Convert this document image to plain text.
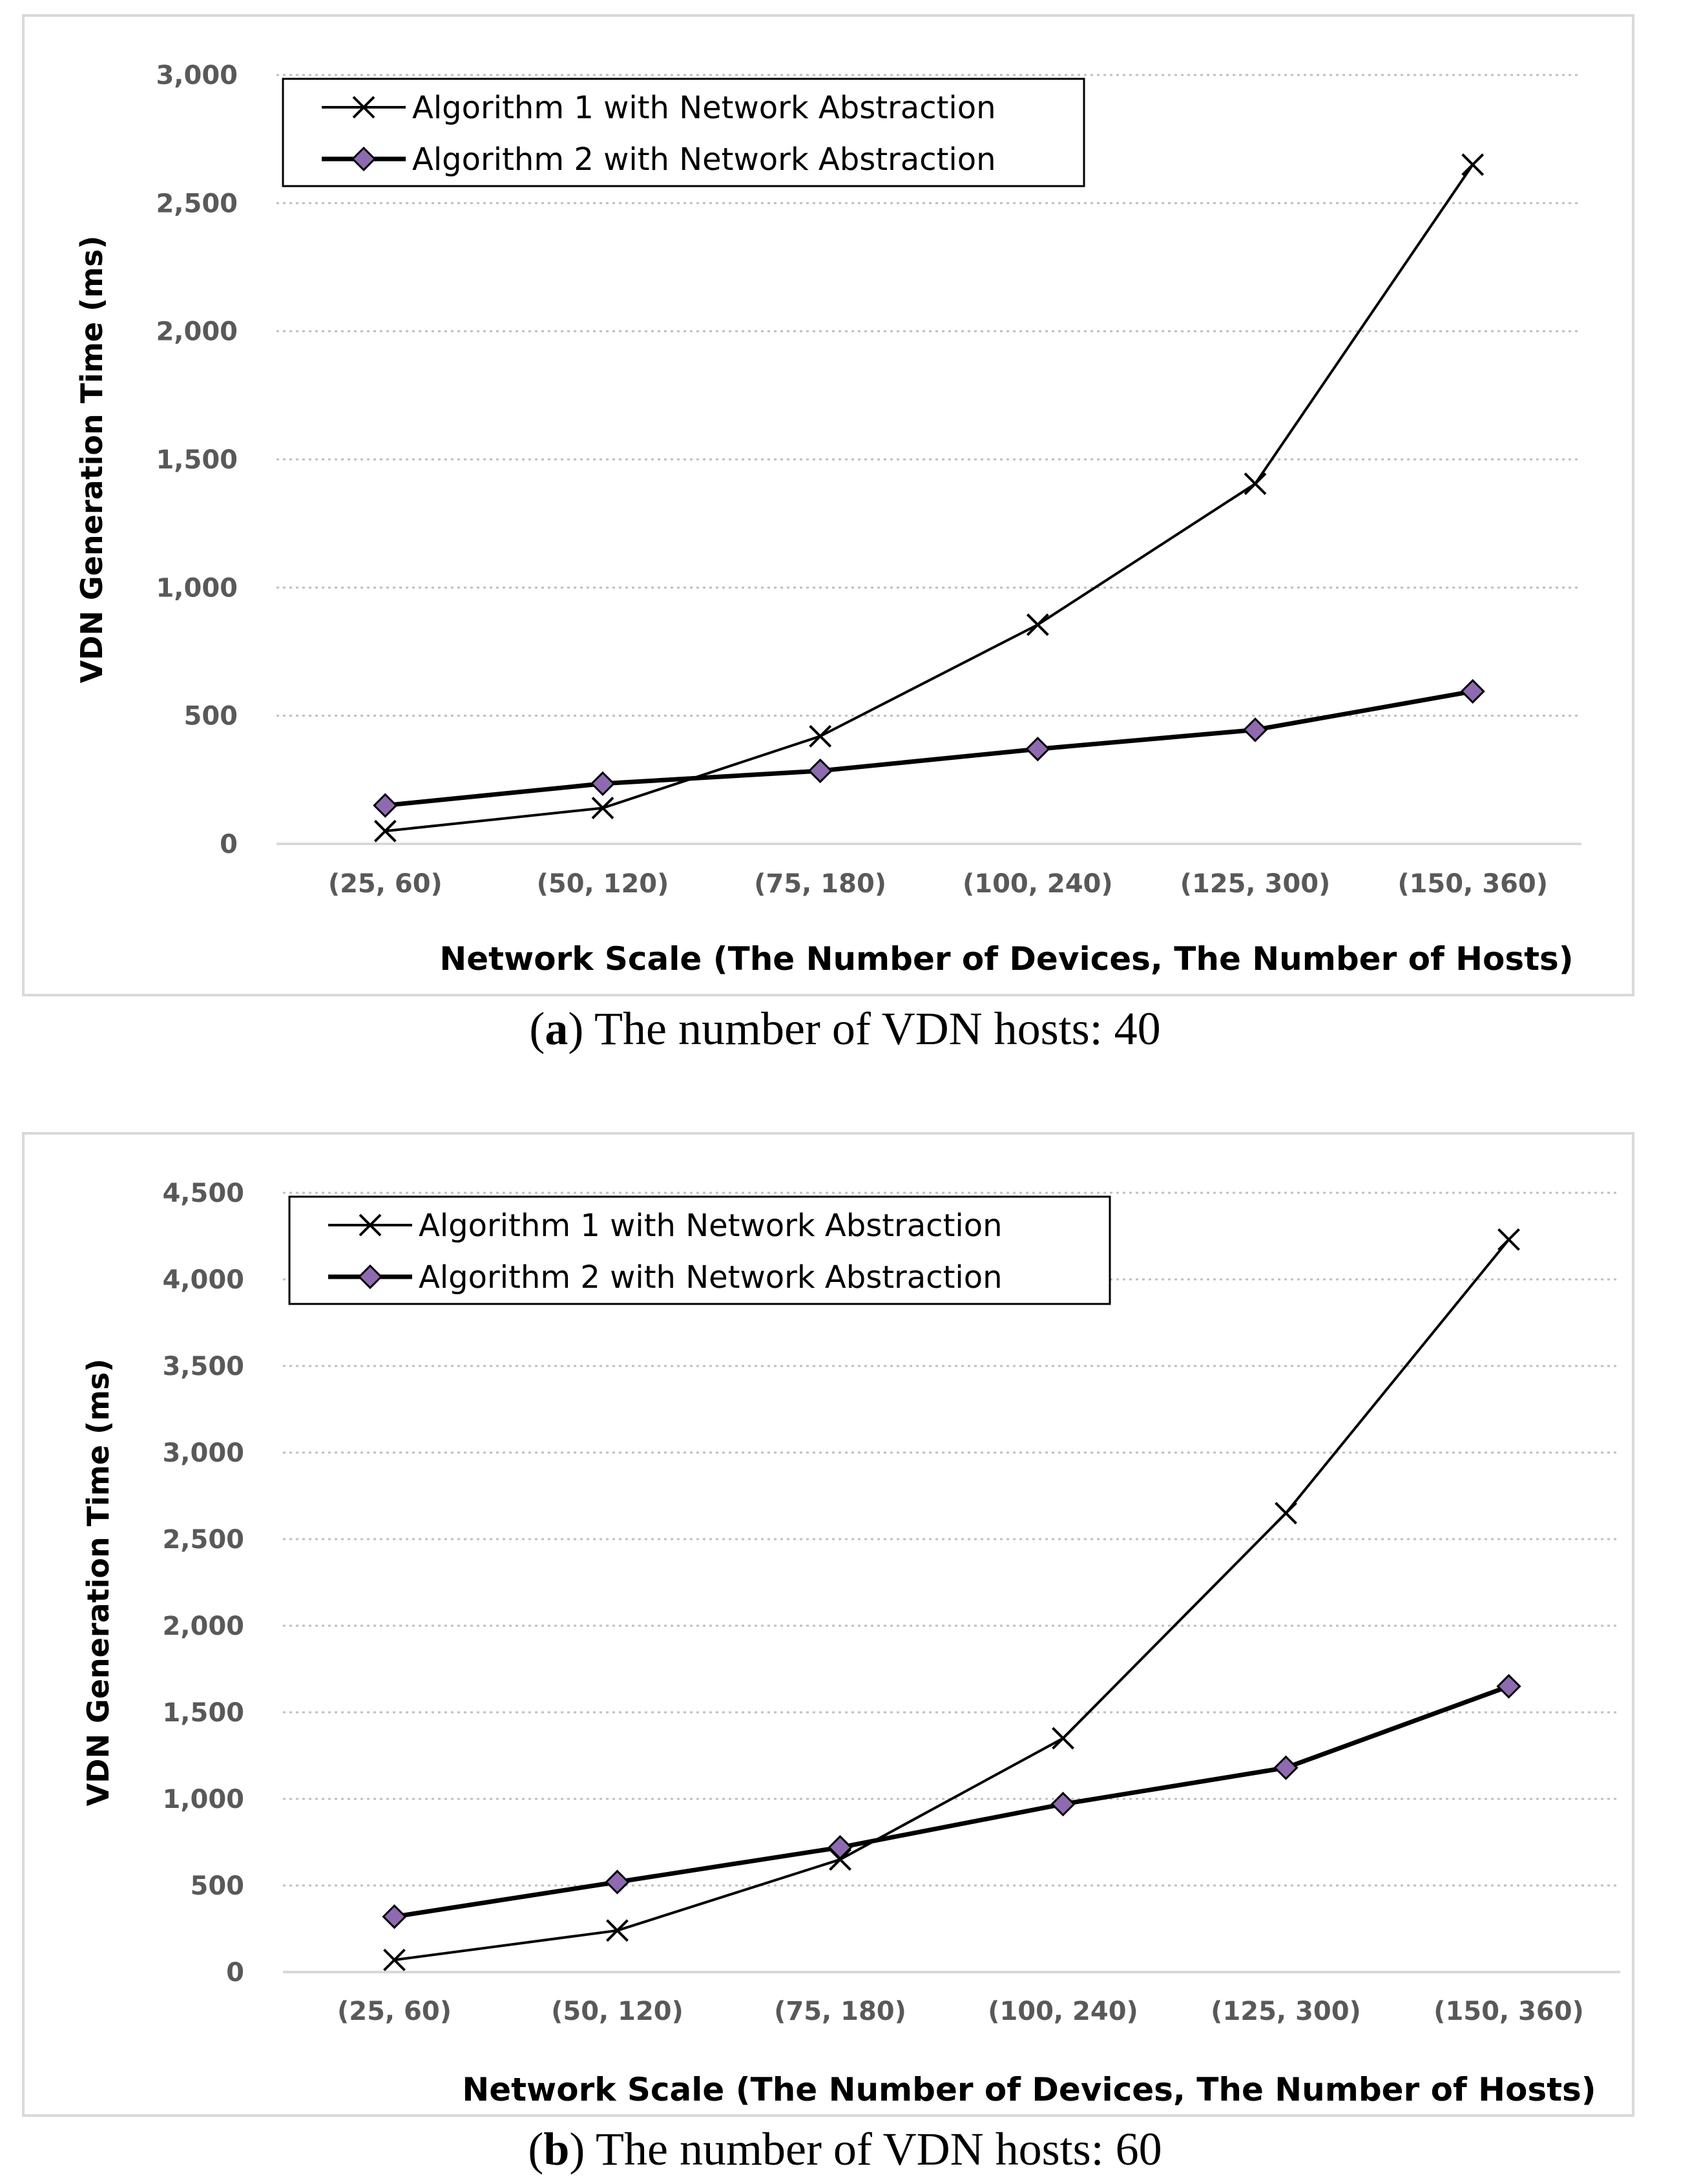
0
500
1,000
1,500
2,000
2,500
3,000
(25, 60)	(50, 120)	(75, 180)	(100, 240)	(125, 300)	(150, 360)
Network Scale (The Number of Devices, The Number of Hosts)
VDN Generation Time (ms)
Algorithm 1 with Network Abstraction
Algorithm 2 with Network Abstraction
(a) The number of VDN hosts: 40
0
500
1,000
1,500
2,000
2,500
3,000
3,500
4,000
4,500
(25, 60)	(50, 120)	(75, 180)	(100, 240)	(125, 300)	(150, 360)
Network Scale (The Number of Devices, The Number of Hosts)
VDN Generation Time (ms)
Algorithm 1 with Network Abstraction
Algorithm 2 with Network Abstraction
(b) The number of VDN hosts: 60
